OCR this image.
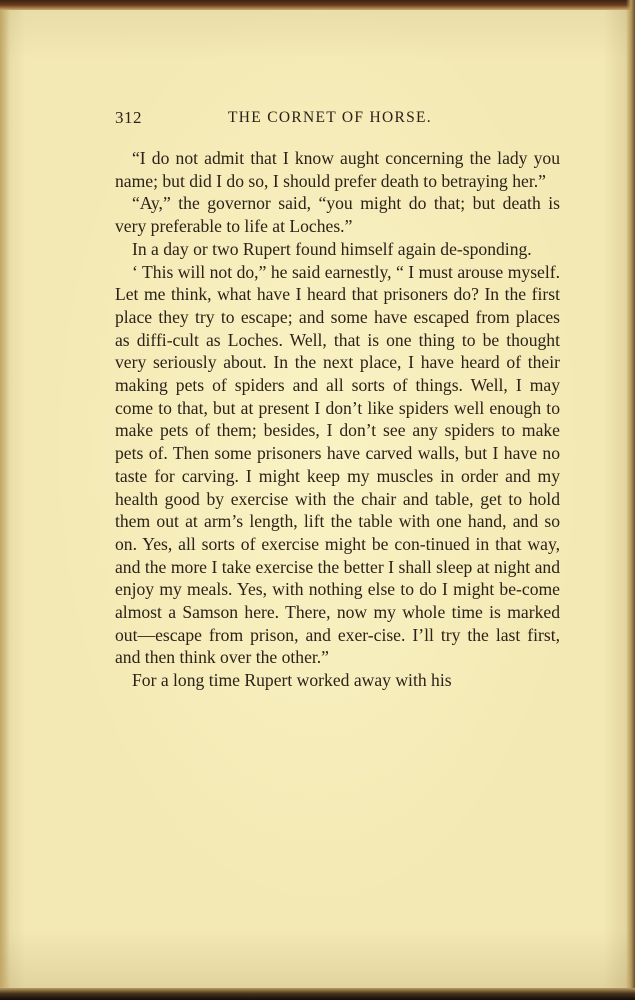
312	THE CORNET OF HORSE.

“I do not admit that I know aught concerning the lady you name; but did I do so, I should prefer death to betraying her.”

“Ay,” the governor said, “you might do that; but death is very preferable to life at Loches.”

In a day or two Rupert found himself again de-sponding.

‘ This will not do,” he said earnestly, “ I must arouse myself. Let me think, what have I heard that prisoners do? In the first place they try to escape; and some have escaped from places as diffi-cult as Loches. Well, that is one thing to be thought very seriously about. In the next place, I have heard of their making pets of spiders and all sorts of things. Well, I may come to that, but at present I don’t like spiders well enough to make pets of them; besides, I don’t see any spiders to make pets of. Then some prisoners have carved walls, but I have no taste for carving. I might keep my muscles in order and my health good by exercise with the chair and table, get to hold them out at arm’s length, lift the table with one hand, and so on. Yes, all sorts of exercise might be con-tinued in that way, and the more I take exercise the better I shall sleep at night and enjoy my meals. Yes, with nothing else to do I might be-come almost a Samson here. There, now my whole time is marked out—escape from prison, and exer-cise. I’ll try the last first, and then think over the other.”

For a long time Rupert worked away with his
